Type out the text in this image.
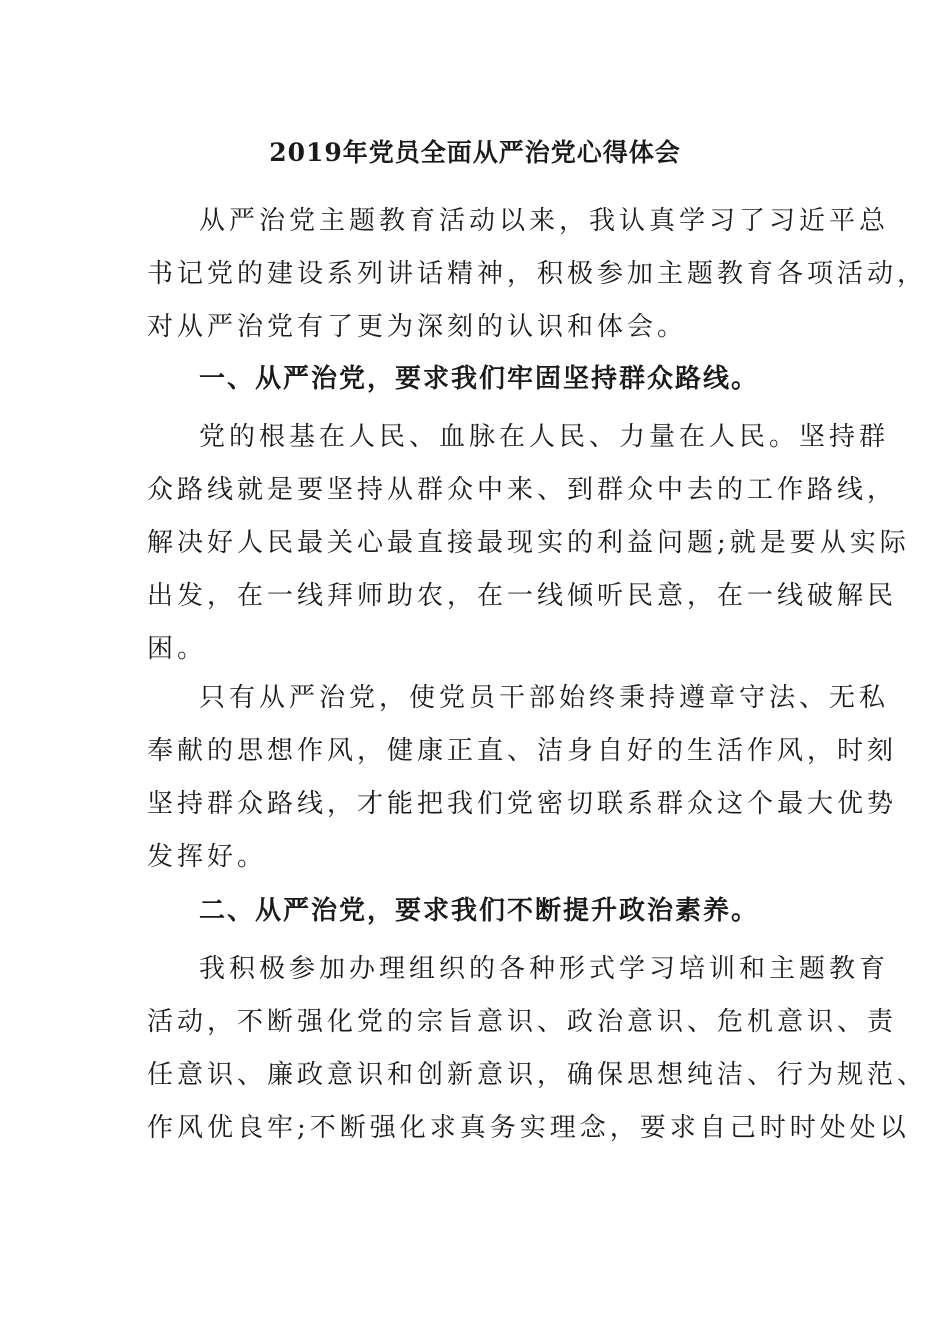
2019年党员全面从严治党心得体会
从严治党主题教育活动以来，我认真学习了习近平总
书记党的建设系列讲话精神，积极参加主题教育各项活动，
对从严治党有了更为深刻的认识和体会。
一、从严治党，要求我们牢固坚持群众路线。
党的根基在人民、血脉在人民、力量在人民。坚持群
众路线就是要坚持从群众中来、到群众中去的工作路线，
解决好人民最关心最直接最现实的利益问题;就是要从实际
出发，在一线拜师助农，在一线倾听民意，在一线破解民
困。
只有从严治党，使党员干部始终秉持遵章守法、无私
奉献的思想作风，健康正直、洁身自好的生活作风，时刻
坚持群众路线，才能把我们党密切联系群众这个最大优势
发挥好。
二、从严治党，要求我们不断提升政治素养。
我积极参加办理组织的各种形式学习培训和主题教育
活动，不断强化党的宗旨意识、政治意识、危机意识、责
任意识、廉政意识和创新意识，确保思想纯洁、行为规范、
作风优良牢;不断强化求真务实理念，要求自己时时处处以
